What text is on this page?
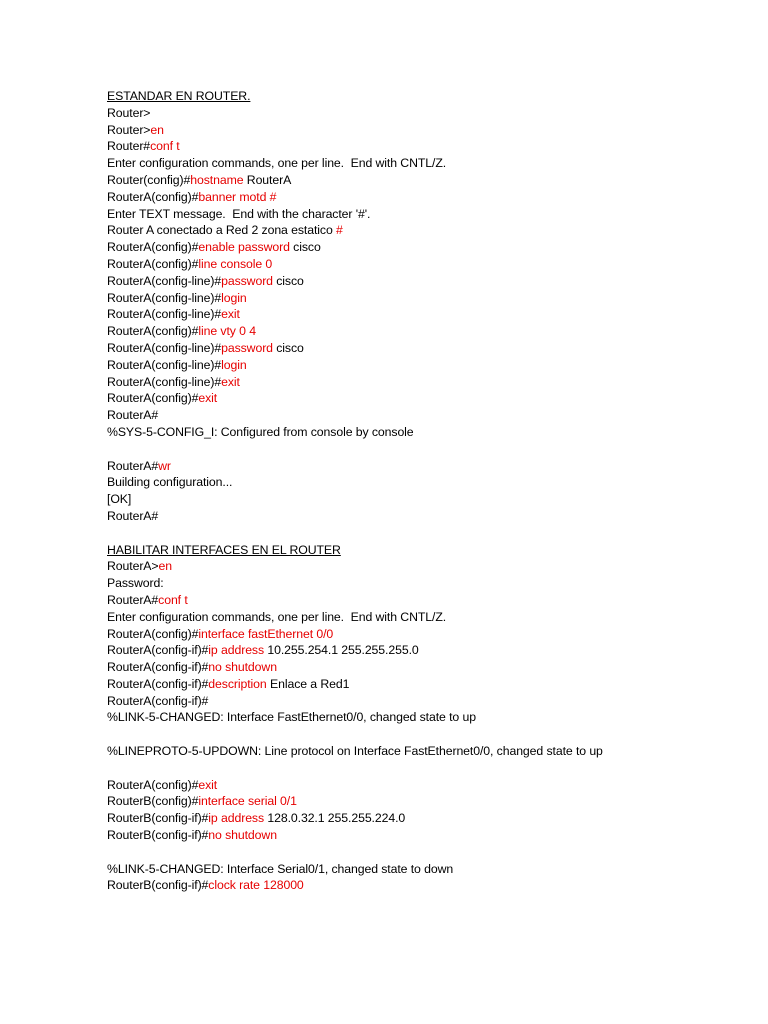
ESTANDAR EN ROUTER.
Router>
Router>en
Router#conf t
Enter configuration commands, one per line.  End with CNTL/Z.
Router(config)#hostname RouterA
RouterA(config)#banner motd #
Enter TEXT message.  End with the character '#'.
Router A conectado a Red 2 zona estatico #
RouterA(config)#enable password cisco
RouterA(config)#line console 0
RouterA(config-line)#password cisco
RouterA(config-line)#login
RouterA(config-line)#exit
RouterA(config)#line vty 0 4
RouterA(config-line)#password cisco
RouterA(config-line)#login
RouterA(config-line)#exit
RouterA(config)#exit
RouterA#
%SYS-5-CONFIG_I: Configured from console by console
RouterA#wr
Building configuration...
[OK]
RouterA#
HABILITAR INTERFACES EN EL ROUTER
RouterA>en
Password:
RouterA#conf t
Enter configuration commands, one per line.  End with CNTL/Z.
RouterA(config)#interface fastEthernet 0/0
RouterA(config-if)#ip address 10.255.254.1 255.255.255.0
RouterA(config-if)#no shutdown
RouterA(config-if)#description Enlace a Red1
RouterA(config-if)#
%LINK-5-CHANGED: Interface FastEthernet0/0, changed state to up
%LINEPROTO-5-UPDOWN: Line protocol on Interface FastEthernet0/0, changed state to up
RouterA(config)#exit
RouterB(config)#interface serial 0/1
RouterB(config-if)#ip address 128.0.32.1 255.255.224.0
RouterB(config-if)#no shutdown
%LINK-5-CHANGED: Interface Serial0/1, changed state to down
RouterB(config-if)#clock rate 128000
